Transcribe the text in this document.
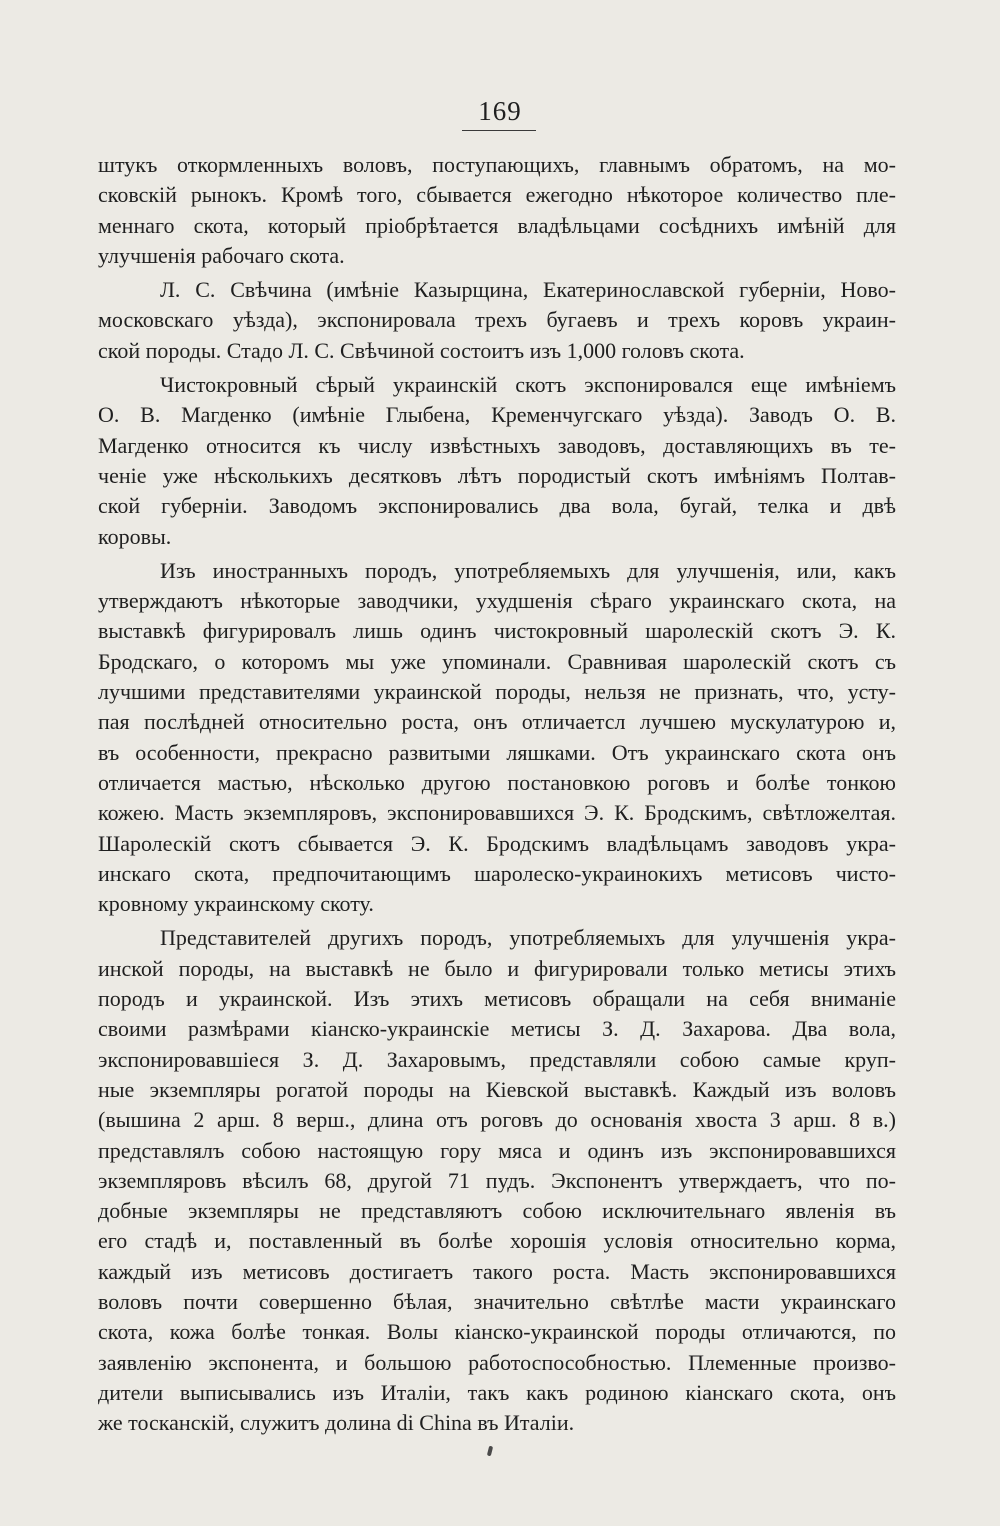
169
штукъ откормленныхъ воловъ, поступающихъ, главнымъ обратомъ, на мо-
сковскій рынокъ. Кромѣ того, сбывается ежегодно нѣкоторое количество пле-
меннаго скота, который пріобрѣтается владѣльцами сосѣднихъ имѣній для
улучшенія рабочаго скота.
Л. С. Свѣчина (имѣніе Казырщина, Екатеринославской губерніи, Ново-
московскаго уѣзда), экспонировала трехъ бугаевъ и трехъ коровъ украин-
ской породы. Стадо Л. С. Свѣчиной состоитъ изъ 1,000 головъ скота.
Чистокровный сѣрый украинскій скотъ экспонировался еще имѣніемъ
О. В. Магденко (имѣніе Глыбена, Кременчугскаго уѣзда). Заводъ О. В.
Магденко относится къ числу извѣстныхъ заводовъ, доставляющихъ въ те-
ченіе уже нѣсколькихъ десятковъ лѣтъ породистый скотъ имѣніямъ Полтав-
ской губерніи. Заводомъ экспонировались два вола, бугай, телка и двѣ
коровы.
Изъ иностранныхъ породъ, употребляемыхъ для улучшенія, или, какъ
утверждаютъ нѣкоторые заводчики, ухудшенія сѣраго украинскаго скота, на
выставкѣ фигурировалъ лишь одинъ чистокровный шаролескій скотъ Э. К.
Бродскаго, о которомъ мы уже упоминали. Сравнивая шаролескій скотъ съ
лучшими представителями украинской породы, нельзя не признать, что, усту-
пая послѣдней относительно роста, онъ отличаетсл лучшею мускулатурою и,
въ особенности, прекрасно развитыми ляшками. Отъ украинскаго скота онъ
отличается мастью, нѣсколько другою постановкою роговъ и болѣе тонкою
кожею. Масть экземпляровъ, экспонировавшихся Э. К. Бродскимъ, свѣтложелтая.
Шаролескій скотъ сбывается Э. К. Бродскимъ владѣльцамъ заводовъ укра-
инскаго скота, предпочитающимъ шаролеско-украинокихъ метисовъ чисто-
кровному украинскому скоту.
Представителей другихъ породъ, употребляемыхъ для улучшенія укра-
инской породы, на выставкѣ не было и фигурировали только метисы этихъ
породъ и украинской. Изъ этихъ метисовъ обращали на себя вниманіе
своими размѣрами кіанско-украинскіе метисы З. Д. Захарова. Два вола,
экспонировавшіеся З. Д. Захаровымъ, представляли собою самые круп-
ные экземпляры рогатой породы на Кіевской выставкѣ. Каждый изъ воловъ
(вышина 2 арш. 8 верш., длина отъ роговъ до основанія хвоста 3 арш. 8 в.)
представлялъ собою настоящую гору мяса и одинъ изъ экспонировавшихся
экземпляровъ вѣсилъ 68, другой 71 пудъ. Экспонентъ утверждаетъ, что по-
добные экземпляры не представляютъ собою исключительнаго явленія въ
его стадѣ и, поставленный въ болѣе хорошія условія относительно корма,
каждый изъ метисовъ достигаетъ такого роста. Масть экспонировавшихся
воловъ почти совершенно бѣлая, значительно свѣтлѣе масти украинскаго
скота, кожа болѣе тонкая. Волы кіанско-украинской породы отличаются, по
заявленію экспонента, и большою работоспособностью. Племенные произво-
дители выписывались изъ Италіи, такъ какъ родиною кіанскаго скота, онъ
же тосканскій, служитъ долина di Сhіnа въ Италіи.
